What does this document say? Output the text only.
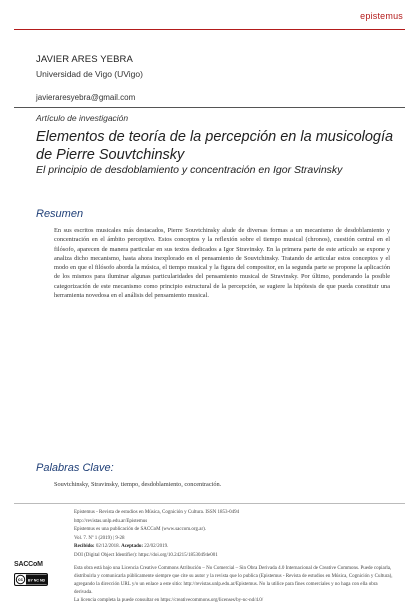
epistemus
JAVIER ARES YEBRA
Universidad de Vigo (UVigo)
javieraresyebra@gmail.com
Artículo de investigación
Elementos de teoría de la percepción en la musicología de Pierre Souvtchinsky
El principio de desdoblamiento y concentración en Igor Stravinsky
Resumen
En sus escritos musicales más destacados, Pierre Souvtchinsky alude de diversas formas a un mecanismo de desdoblamiento y concentración en el ámbito perceptivo. Estos conceptos y la reflexión sobre el tiempo musical (chronos), cuestión central en el filósofo, aparecen de manera particular en sus textos dedicados a Igor Stravinsky. En la primera parte de este artículo se expone y analiza dicho mecanismo, hasta ahora inexplorado en el pensamiento de Souvtchinsky. Tratando de articular estos conceptos y el modo en que el filósofo aborda la música, el tiempo musical y la figura del compositor, en la segunda parte se propone la aplicación de los mismos para iluminar algunas particularidades del pensamiento musical de Stravinsky. Por último, ponderando la posible categorización de este mecanismo como principio estructural de la percepción, se sugiere la hipótesis de que pueda constituir una herramienta novedosa en el análisis del pensamiento musical.
Palabras Clave:
Souvtchinsky, Stravinsky, tiempo, desdoblamiento, concentración.
Epistemus - Revista de estudios en Música, Cognición y Cultura. ISSN 1853-0494
http://revistas.unlp.edu.ar/Epistemus
Epistemus es una publicación de SACCoM (www.saccom.org.ar).
Vol. 7. Nº 1 (2019) | 9-28
Recibido: 02/12/2018. Aceptado: 22/02/2019.
DOI (Digital Object Identifier): https://doi.org/10.24215/18530494e001
Esta obra está bajo una Licencia Creative Commons Atribución – No Comercial – Sin Obra Derivada 4.0 Internacional de Creative Commons. Puede copiarla, distribuirla y comunicarla públicamente siempre que cite su autor y la revista que lo publica (Epistemus - Revista de estudios en Música, Cognición y Cultura), agregando la dirección URL y/o un enlace a este sitio: http://revistas.unlp.edu.ar/Epistemus. No la utilice para fines comerciales y no haga con ella obra derivada.
La licencia completa la puede consultar en https://creativecommons.org/licenses/by-nc-nd/4.0/
SACCoM
cc BY NC ND
